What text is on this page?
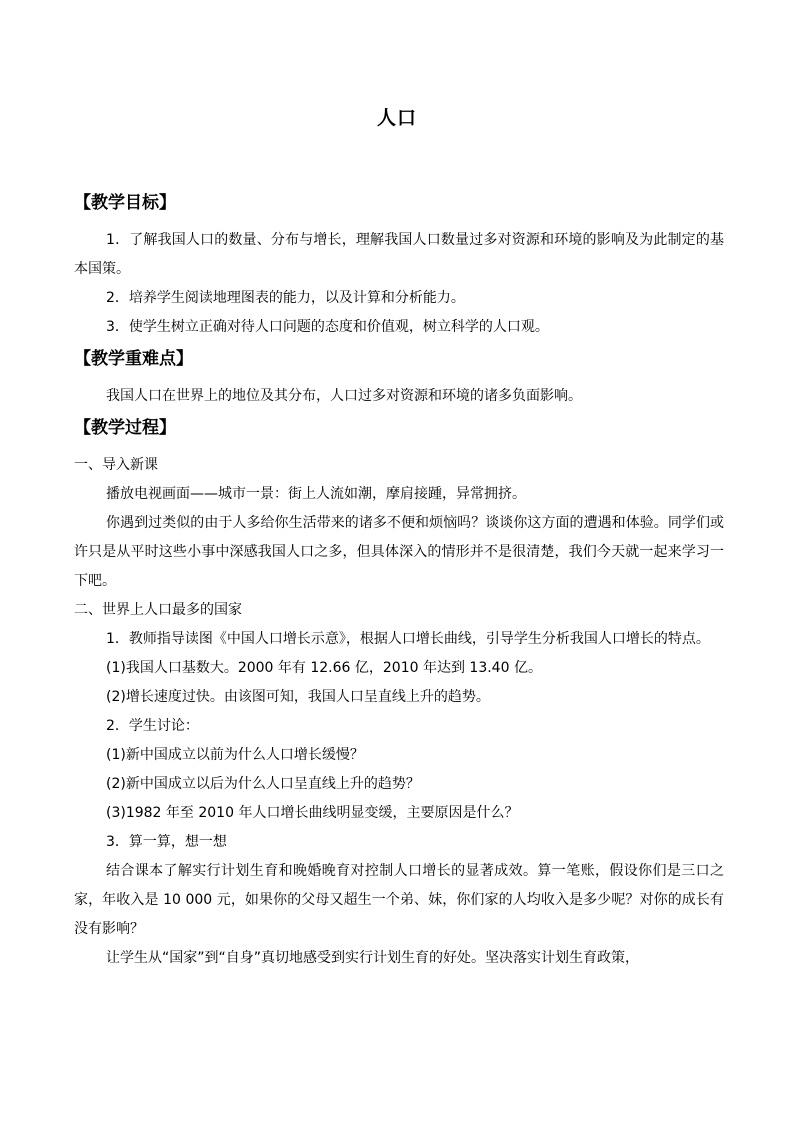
人口
【教学目标】
1．了解我国人口的数量、分布与增长，理解我国人口数量过多对资源和环境的影响及为此制定的基本国策。
2．培养学生阅读地理图表的能力，以及计算和分析能力。
3．使学生树立正确对待人口问题的态度和价值观，树立科学的人口观。
【教学重难点】
我国人口在世界上的地位及其分布，人口过多对资源和环境的诸多负面影响。
【教学过程】
一、导入新课
播放电视画面——城市一景：街上人流如潮，摩肩接踵，异常拥挤。
你遇到过类似的由于人多给你生活带来的诸多不便和烦恼吗？谈谈你这方面的遭遇和体验。同学们或许只是从平时这些小事中深感我国人口之多，但具体深入的情形并不是很清楚，我们今天就一起来学习一下吧。
二、世界上人口最多的国家
1．教师指导读图《中国人口增长示意》，根据人口增长曲线，引导学生分析我国人口增长的特点。
(1)我国人口基数大。2000 年有 12.66 亿，2010 年达到 13.40 亿。
(2)增长速度过快。由该图可知，我国人口呈直线上升的趋势。
2．学生讨论：
(1)新中国成立以前为什么人口增长缓慢？
(2)新中国成立以后为什么人口呈直线上升的趋势？
(3)1982 年至 2010 年人口增长曲线明显变缓，主要原因是什么？
3．算一算，想一想
结合课本了解实行计划生育和晚婚晚育对控制人口增长的显著成效。算一笔账，假设你们是三口之家，年收入是 10 000 元，如果你的父母又超生一个弟、妹，你们家的人均收入是多少呢？对你的成长有没有影响？
让学生从“国家”到“自身”真切地感受到实行计划生育的好处。坚决落实计划生育政策，
